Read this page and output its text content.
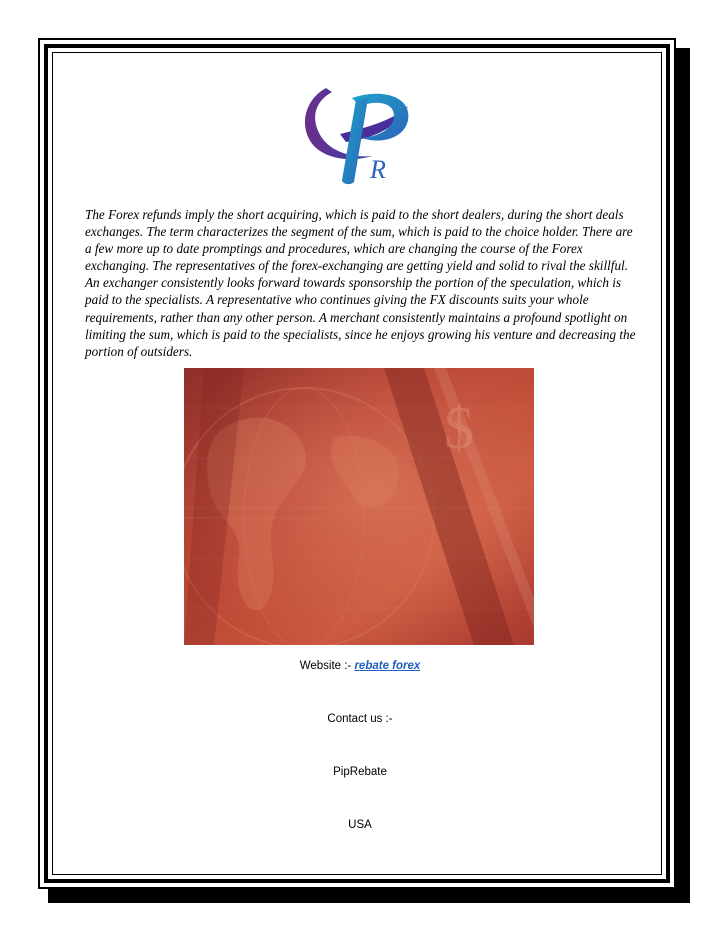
R

The Forex refunds imply the short acquiring, which is paid to the short dealers, during the short deals exchanges. The term characterizes the segment of the sum, which is paid to the choice holder. There are a few more up to date promptings and procedures, which are changing the course of the Forex exchanging. The representatives of the forex-exchanging are getting yield and solid to rival the skillful. An exchanger consistently looks forward towards sponsorship the portion of the speculation, which is paid to the specialists. A representative who continues giving the FX discounts suits your whole requirements, rather than any other person. A merchant consistently maintains a profound spotlight on limiting the sum, which is paid to the specialists, since he enjoys growing his venture and decreasing the portion of outsiders.

$
Website :- rebate forex
Contact us :-
PipRebate
USA
